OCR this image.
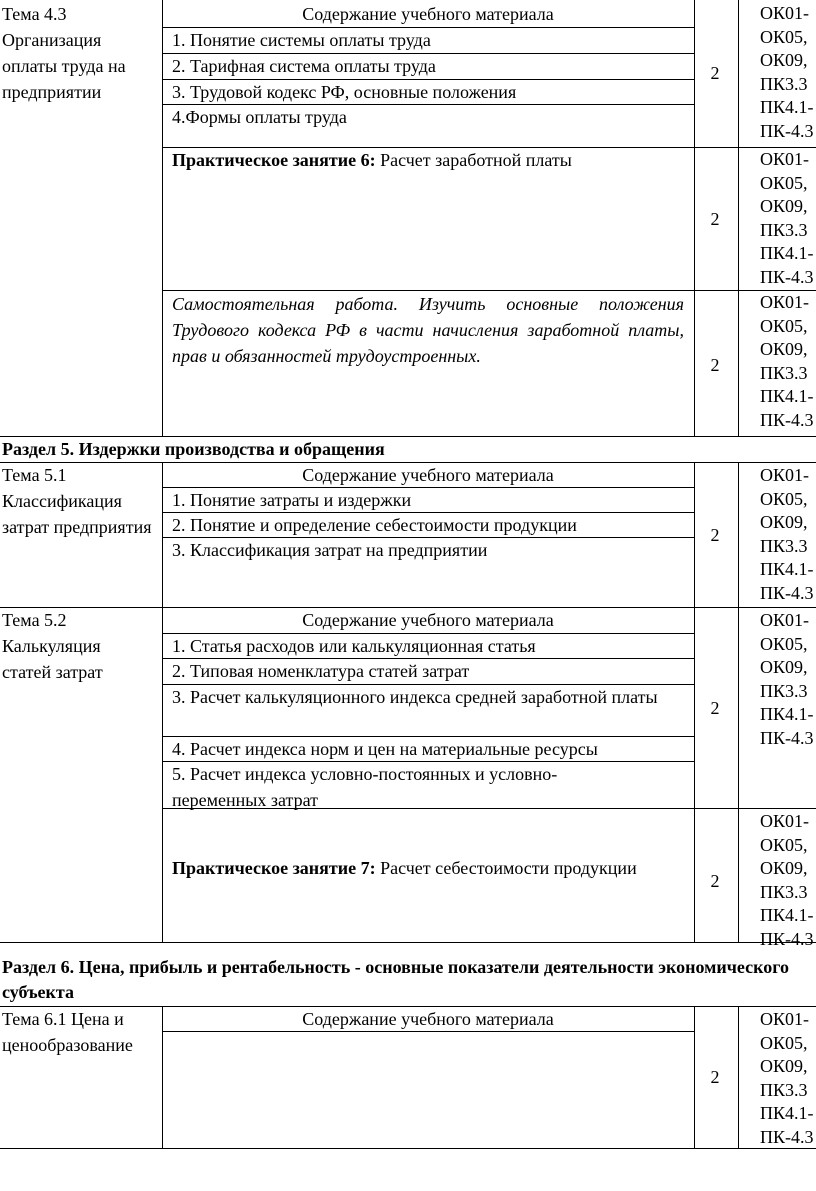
Тема 4.3 Организация оплаты труда на предприятии
Содержание учебного материала
1. Понятие системы оплаты труда
2. Тарифная система оплаты труда
3. Трудовой кодекс РФ, основные положения
4.Формы оплаты труда
2
ОК01-
ОК05,
ОК09,
ПК3.3
ПК4.1-
ПК-4.3
Практическое занятие 6: Расчет заработной платы
2
ОК01-
ОК05,
ОК09,
ПК3.3
ПК4.1-
ПК-4.3
Самостоятельная работа. Изучить основные положения Трудового кодекса РФ в части начисления заработной платы, прав и обязанностей трудоустроенных.	2
ОК01-
ОК05,
ОК09,
ПК3.3
ПК4.1-
ПК-4.3
Раздел 5. Издержки производства и обращения
Тема 5.1 Классификация затрат предприятия
Содержание учебного материала
1. Понятие затраты и издержки
2. Понятие и определение себестоимости продукции
3. Классификация затрат на предприятии
2
ОК01-
ОК05,
ОК09,
ПК3.3
ПК4.1-
ПК-4.3
Тема 5.2 Калькуляция статей затрат
Содержание учебного материала
1. Статья расходов или калькуляционная статья
2. Типовая номенклатура статей затрат
3. Расчет калькуляционного индекса средней заработной платы
4. Расчет индекса норм и цен на материальные ресурсы
5. Расчет индекса условно-постоянных и условно-переменных затрат
2
ОК01-
ОК05,
ОК09,
ПК3.3
ПК4.1-
ПК-4.3
Практическое занятие 7: Расчет себестоимости продукции
2
ОК01-
ОК05,
ОК09,
ПК3.3
ПК4.1-
ПК-4.3
Раздел 6. Цена, прибыль и рентабельность - основные показатели деятельности экономического субъекта
Тема 6.1 Цена и ценообразование
Содержание учебного материала
2
ОК01-
ОК05,
ОК09,
ПК3.3
ПК4.1-
ПК-4.3
